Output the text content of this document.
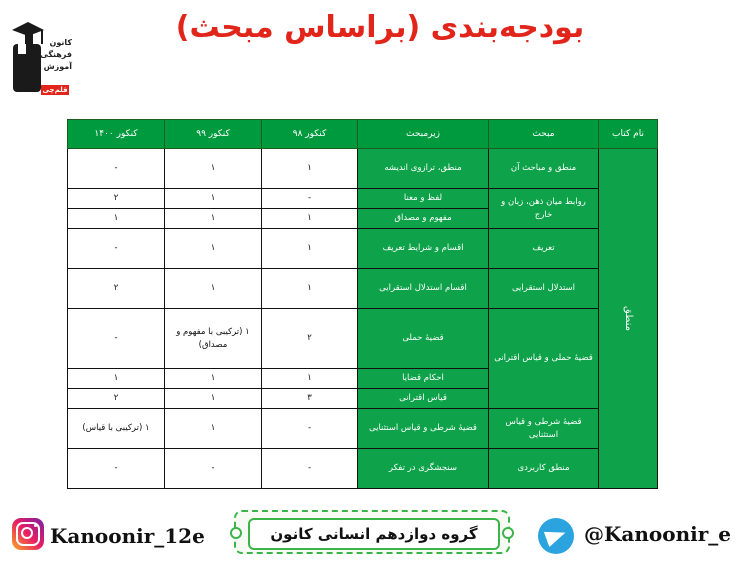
بودجه‌بندی (براساس مبحث)
کانون
فرهنگی
آموزش
قلم‌چی
نام کتاب	مبحث	زیرمبحث	کنکور ۹۸	کنکور ۹۹	کنکور ۱۴۰۰
منطق	منطق و مباحث آن	منطق، ترازوی اندیشه	۱	۱	-
	روابط میان ذهن، زبان و خارج	لفظ و معنا	-	۱	۲
		مفهوم و مصداق	۱	۱	۱
	تعریف	اقسام و شرایط تعریف	۱	۱	-
	استدلال استقرایی	اقسام استدلال استقرایی	۱	۱	۲
	قضیهٔ حملی و قیاس اقترانی	قضیهٔ حملی	۲	۱ (ترکیبی با مفهوم و مصداق)	-
		احکام قضایا	۱	۱	۱
		قیاس اقترانی	۳	۱	۲
	قضیهٔ شرطی و قیاس استثنایی	قضیهٔ شرطی و قیاس استثنایی	-	۱	۱ (ترکیبی با قیاس)
	منطق کاربردی	سنجشگری در تفکر	-	-	-
Kanoonir_12e	گروه دوازدهم انسانی کانون	@Kanoonir_e
